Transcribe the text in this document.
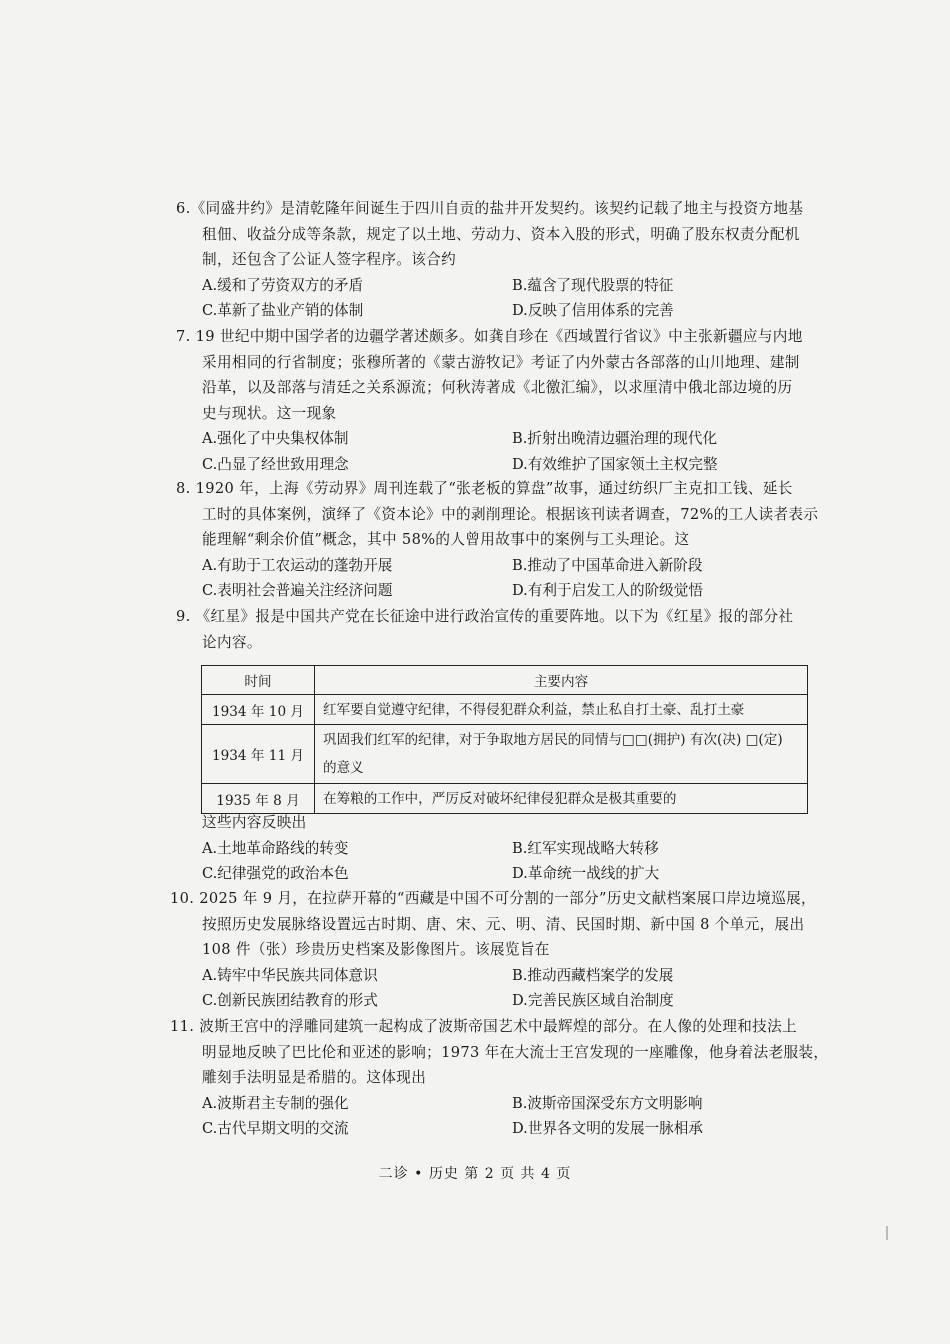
6.《同盛井约》是清乾隆年间诞生于四川自贡的盐井开发契约。该契约记载了地主与投资方地基

租佃、收益分成等条款，规定了以土地、劳动力、资本入股的形式，明确了股东权责分配机

制，还包含了公证人签字程序。该合约

A.缓和了劳资双方的矛盾	B.蕴含了现代股票的特征
C.革新了盐业产销的体制	D.反映了信用体系的完善

7. 19 世纪中期中国学者的边疆学著述颇多。如龚自珍在《西域置行省议》中主张新疆应与内地

采用相同的行省制度；张穆所著的《蒙古游牧记》考证了内外蒙古各部落的山川地理、建制

沿革，以及部落与清廷之关系源流；何秋涛著成《北徼汇编》，以求厘清中俄北部边境的历

史与现状。这一现象

A.强化了中央集权体制	B.折射出晚清边疆治理的现代化
C.凸显了经世致用理念	D.有效维护了国家领土主权完整

8. 1920 年，上海《劳动界》周刊连载了“张老板的算盘”故事，通过纺织厂主克扣工钱、延长

工时的具体案例，演绎了《资本论》中的剥削理论。根据该刊读者调查，72%的工人读者表示

能理解“剩余价值”概念，其中 58%的人曾用故事中的案例与工头理论。这

A.有助于工农运动的蓬勃开展	B.推动了中国革命进入新阶段
C.表明社会普遍关注经济问题	D.有利于启发工人的阶级觉悟

9. 《红星》报是中国共产党在长征途中进行政治宣传的重要阵地。以下为《红星》报的部分社

论内容。

时间	主要内容
1934 年 10 月	红军要自觉遵守纪律，不得侵犯群众利益，禁止私自打土豪、乱打土豪
1934 年 11 月	巩固我们红军的纪律，对于争取地方居民的同情与□□(拥护) 有次(决) □(定) 的意义
1935 年 8 月	在筹粮的工作中，严厉反对破坏纪律侵犯群众是极其重要的

这些内容反映出

A.土地革命路线的转变	B.红军实现战略大转移
C.纪律强党的政治本色	D.革命统一战线的扩大

10. 2025 年 9 月，在拉萨开幕的“西藏是中国不可分割的一部分”历史文献档案展口岸边境巡展，

按照历史发展脉络设置远古时期、唐、宋、元、明、清、民国时期、新中国 8 个单元，展出

108 件（张）珍贵历史档案及影像图片。该展览旨在

A.铸牢中华民族共同体意识	B.推动西藏档案学的发展
C.创新民族团结教育的形式	D.完善民族区域自治制度

11. 波斯王宫中的浮雕同建筑一起构成了波斯帝国艺术中最辉煌的部分。在人像的处理和技法上

明显地反映了巴比伦和亚述的影响；1973 年在大流士王宫发现的一座雕像，他身着法老服装，

雕刻手法明显是希腊的。这体现出

A.波斯君主专制的强化	B.波斯帝国深受东方文明影响
C.古代早期文明的交流	D.世界各文明的发展一脉相承
二诊 • 历史 第 2 页 共 4 页
